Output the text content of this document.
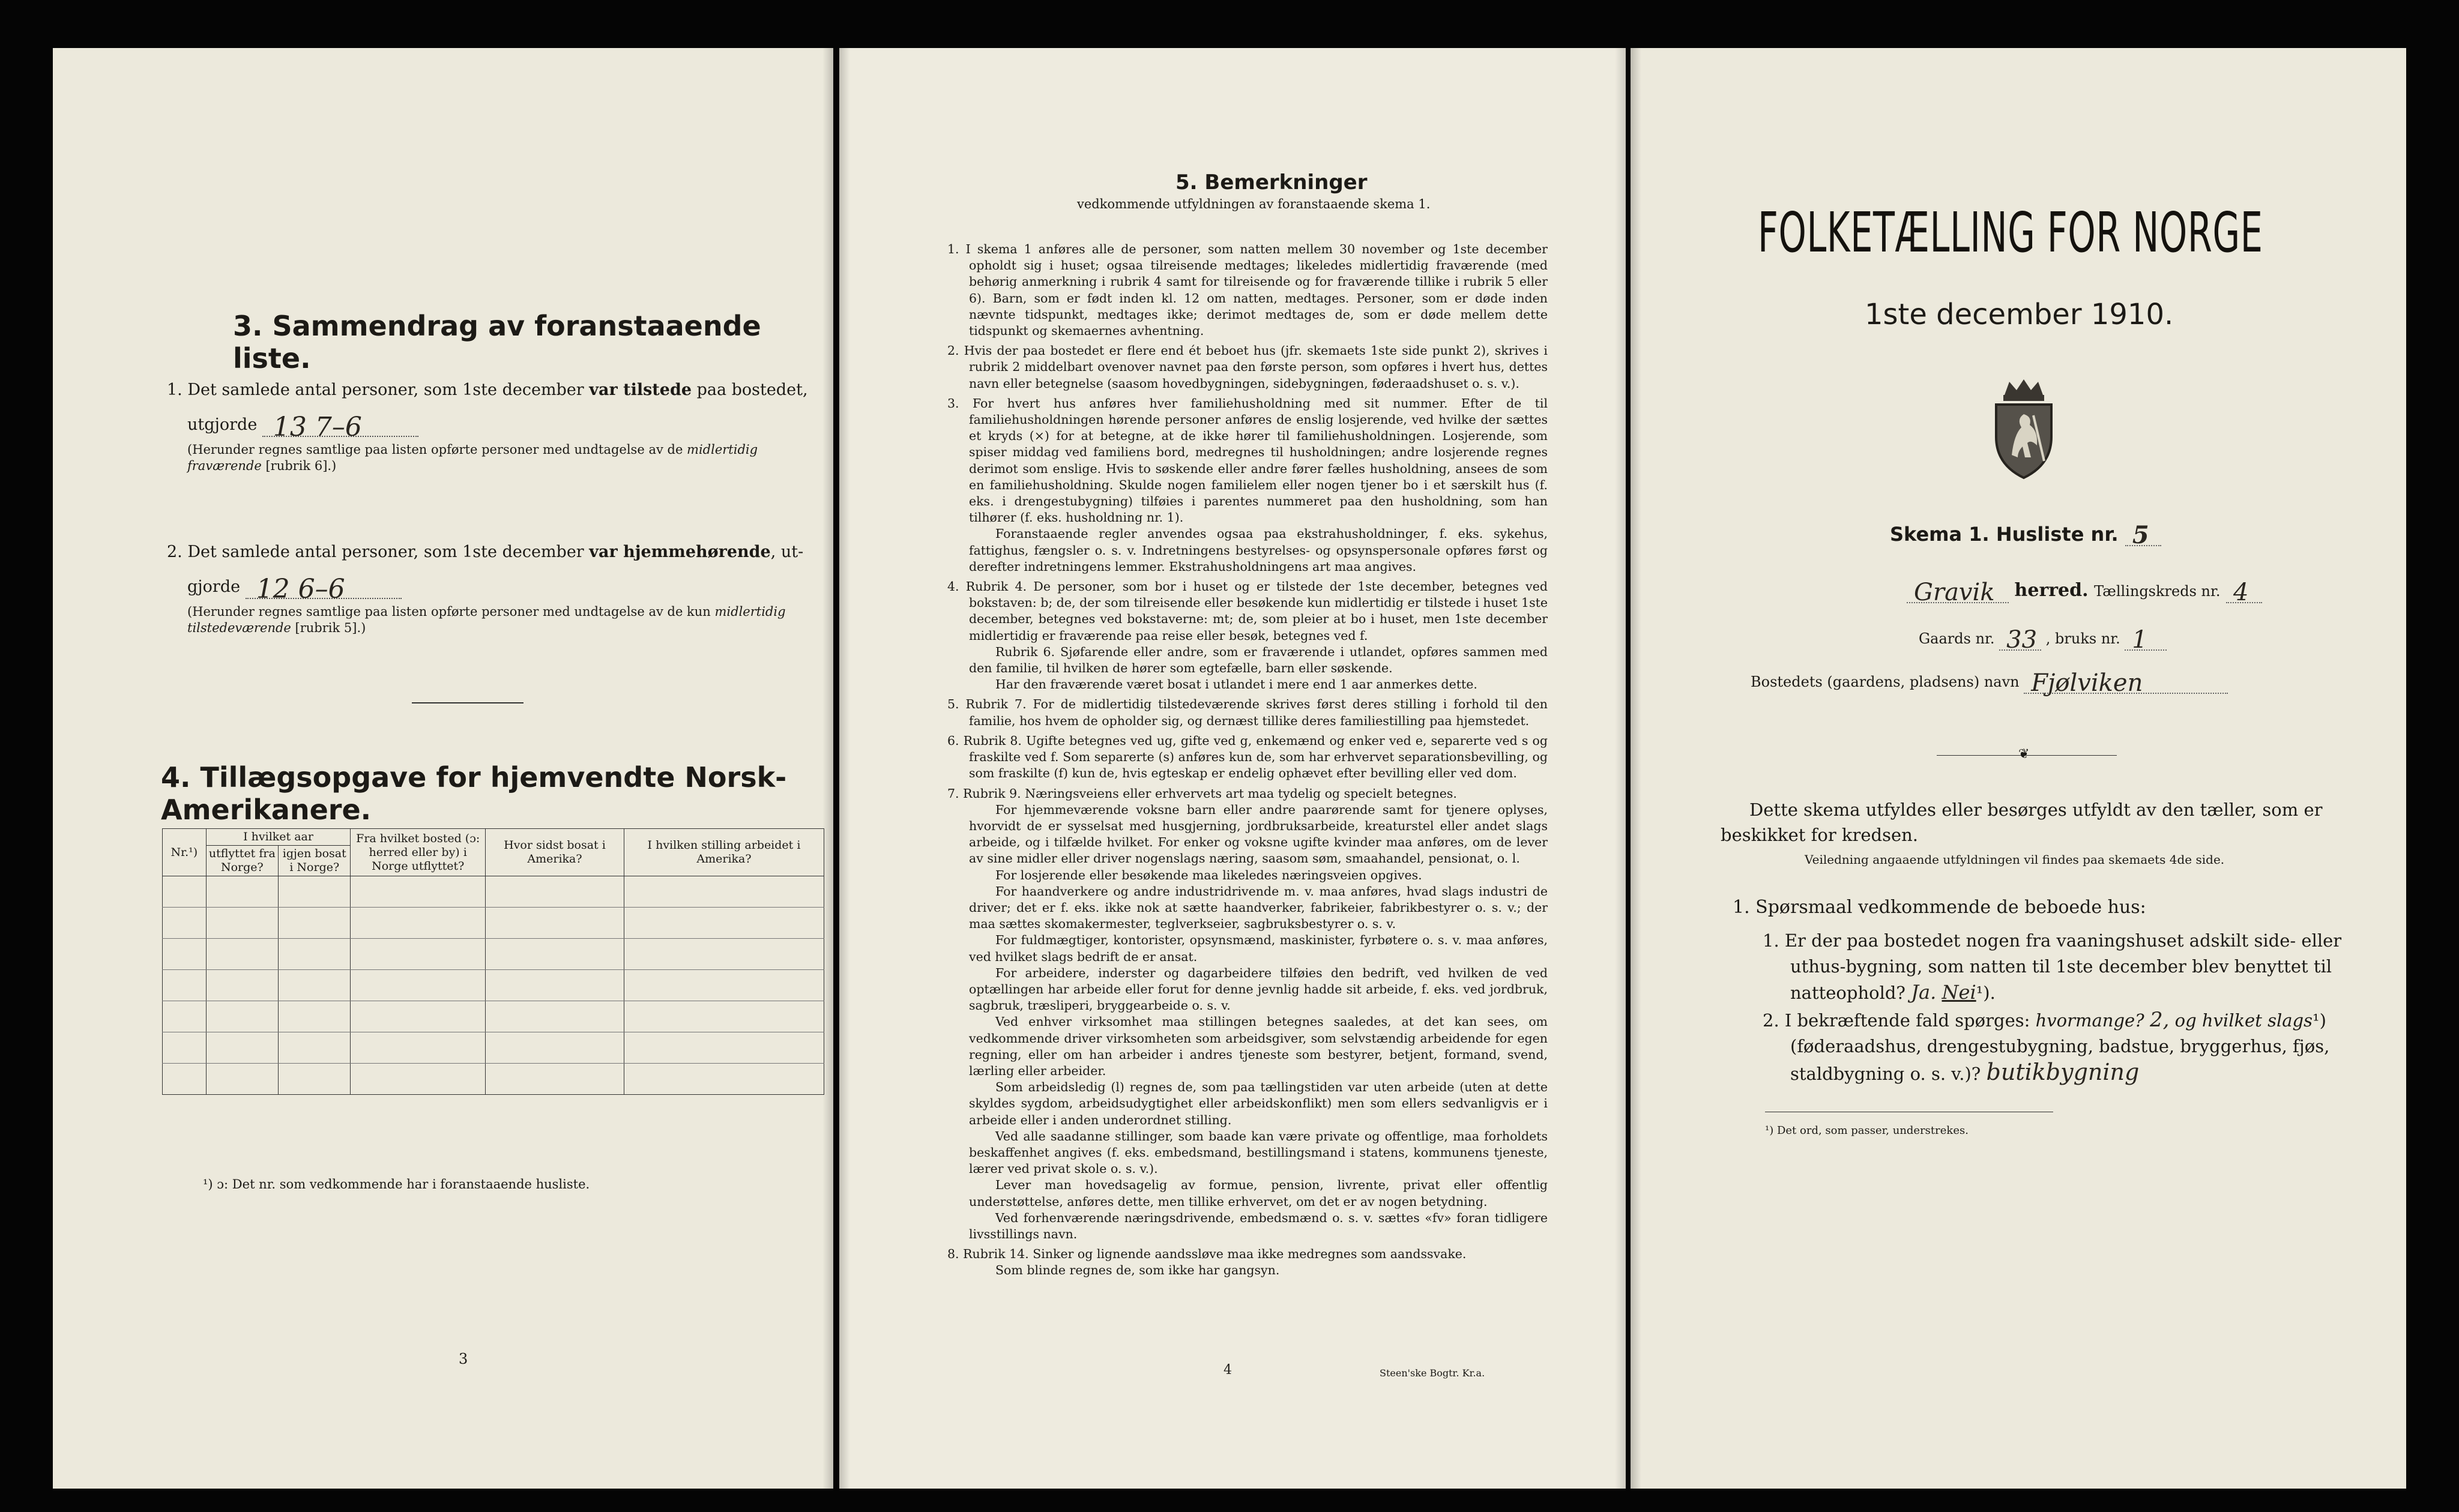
3. Sammendrag av foranstaaende liste.
1. Det samlede antal personer, som 1ste december var tilstede paa bostedet,
utgjorde 13 7–6
(Herunder regnes samtlige paa listen opførte personer med undtagelse av de midlertidig fraværende [rubrik 6].)
2. Det samlede antal personer, som 1ste december var hjemmehørende, ut-
gjorde 12 6–6
(Herunder regnes samtlige paa listen opførte personer med undtagelse av de kun midlertidig tilstedeværende [rubrik 5].)
4. Tillægsopgave for hjemvendte Norsk-Amerikanere.
Nr.¹)	I hvilket aar		Fra hvilket bosted (ɔ: herred eller by) i Norge utflyttet?	Hvor sidst bosat i Amerika?	I hvilken stilling arbeidet i Amerika?
	utflyttet fra Norge?	igjen bosat i Norge?			

¹) ɔ: Det nr. som vedkommende har i foranstaaende husliste.
3
5. Bemerkninger
vedkommende utfyldningen av foranstaaende skema 1.

1. I skema 1 anføres alle de personer, som natten mellem 30 november og 1ste december opholdt sig i huset; ogsaa tilreisende medtages; likeledes midlertidig fraværende (med behørig anmerkning i rubrik 4 samt for tilreisende og for fraværende tillike i rubrik 5 eller 6). Barn, som er født inden kl. 12 om natten, medtages. Personer, som er døde inden nævnte tidspunkt, medtages ikke; derimot medtages de, som er døde mellem dette tidspunkt og skemaernes avhentning.

2. Hvis der paa bostedet er flere end ét beboet hus (jfr. skemaets 1ste side punkt 2), skrives i rubrik 2 middelbart ovenover navnet paa den første person, som opføres i hvert hus, dettes navn eller betegnelse (saasom hovedbygningen, sidebygningen, føderaadshuset o. s. v.).

3. For hvert hus anføres hver familiehusholdning med sit nummer. Efter de til familiehusholdningen hørende personer anføres de enslig losjerende, ved hvilke der sættes et kryds (×) for at betegne, at de ikke hører til familiehusholdningen. Losjerende, som spiser middag ved familiens bord, medregnes til husholdningen; andre losjerende regnes derimot som enslige. Hvis to søskende eller andre fører fælles husholdning, ansees de som en familiehusholdning. Skulde nogen familielem eller nogen tjener bo i et særskilt hus (f. eks. i drengestubygning) tilføies i parentes nummeret paa den husholdning, som han tilhører (f. eks. husholdning nr. 1).

Foranstaaende regler anvendes ogsaa paa ekstrahusholdninger, f. eks. sykehus, fattighus, fængsler o. s. v. Indretningens bestyrelses- og opsynspersonale opføres først og derefter indretningens lemmer. Ekstrahusholdningens art maa angives.

4. Rubrik 4. De personer, som bor i huset og er tilstede der 1ste december, betegnes ved bokstaven: b; de, der som tilreisende eller besøkende kun midlertidig er tilstede i huset 1ste december, betegnes ved bokstaverne: mt; de, som pleier at bo i huset, men 1ste december midlertidig er fraværende paa reise eller besøk, betegnes ved f.

Rubrik 6. Sjøfarende eller andre, som er fraværende i utlandet, opføres sammen med den familie, til hvilken de hører som egtefælle, barn eller søskende.

Har den fraværende været bosat i utlandet i mere end 1 aar anmerkes dette.

5. Rubrik 7. For de midlertidig tilstedeværende skrives først deres stilling i forhold til den familie, hos hvem de opholder sig, og dernæst tillike deres familiestilling paa hjemstedet.

6. Rubrik 8. Ugifte betegnes ved ug, gifte ved g, enkemænd og enker ved e, separerte ved s og fraskilte ved f. Som separerte (s) anføres kun de, som har erhvervet separationsbevilling, og som fraskilte (f) kun de, hvis egteskap er endelig ophævet efter bevilling eller ved dom.

7. Rubrik 9. Næringsveiens eller erhvervets art maa tydelig og specielt betegnes.

For hjemmeværende voksne barn eller andre paarørende samt for tjenere oplyses, hvorvidt de er sysselsat med husgjerning, jordbruksarbeide, kreaturstel eller andet slags arbeide, og i tilfælde hvilket. For enker og voksne ugifte kvinder maa anføres, om de lever av sine midler eller driver nogenslags næring, saasom søm, smaahandel, pensionat, o. l.

For losjerende eller besøkende maa likeledes næringsveien opgives.

For haandverkere og andre industridrivende m. v. maa anføres, hvad slags industri de driver; det er f. eks. ikke nok at sætte haandverker, fabrikeier, fabrikbestyrer o. s. v.; der maa sættes skomakermester, teglverkseier, sagbruksbestyrer o. s. v.

For fuldmægtiger, kontorister, opsynsmænd, maskinister, fyrbøtere o. s. v. maa anføres, ved hvilket slags bedrift de er ansat.

For arbeidere, inderster og dagarbeidere tilføies den bedrift, ved hvilken de ved optællingen har arbeide eller forut for denne jevnlig hadde sit arbeide, f. eks. ved jordbruk, sagbruk, træsliperi, bryggearbeide o. s. v.

Ved enhver virksomhet maa stillingen betegnes saaledes, at det kan sees, om vedkommende driver virksomheten som arbeidsgiver, som selvstændig arbeidende for egen regning, eller om han arbeider i andres tjeneste som bestyrer, betjent, formand, svend, lærling eller arbeider.

Som arbeidsledig (l) regnes de, som paa tællingstiden var uten arbeide (uten at dette skyldes sygdom, arbeidsudygtighet eller arbeidskonflikt) men som ellers sedvanligvis er i arbeide eller i anden underordnet stilling.

Ved alle saadanne stillinger, som baade kan være private og offentlige, maa forholdets beskaffenhet angives (f. eks. embedsmand, bestillingsmand i statens, kommunens tjeneste, lærer ved privat skole o. s. v.).

Lever man hovedsagelig av formue, pension, livrente, privat eller offentlig understøttelse, anføres dette, men tillike erhvervet, om det er av nogen betydning.

Ved forhenværende næringsdrivende, embedsmænd o. s. v. sættes «fv» foran tidligere livsstillings navn.

8. Rubrik 14. Sinker og lignende aandssløve maa ikke medregnes som aandssvake.

Som blinde regnes de, som ikke har gangsyn.

4	Steen'ske Bogtr. Kr.a.
FOLKETÆLLING FOR NORGE
1ste december 1910.
Skema 1. Husliste nr. 5
Gravik herred. Tællingskreds nr. 4
Gaards nr. 33 , bruks nr. 1
Bostedets (gaardens, pladsens) navn Fjølviken
❦
Dette skema utfyldes eller besørges utfyldt av den tæller, som er beskikket for kredsen.
Veiledning angaaende utfyldningen vil findes paa skemaets 4de side.
1. Spørsmaal vedkommende de beboede hus:
1. Er der paa bostedet nogen fra vaaningshuset adskilt side- eller uthus-bygning, som natten til 1ste december blev benyttet til natteophold? Ja. Nei¹).
2. I bekræftende fald spørges: hvormange? 2, og hvilket slags¹) (føderaadshus, drengestubygning, badstue, bryggerhus, fjøs, staldbygning o. s. v.)? butikbygning
¹) Det ord, som passer, understrekes.
